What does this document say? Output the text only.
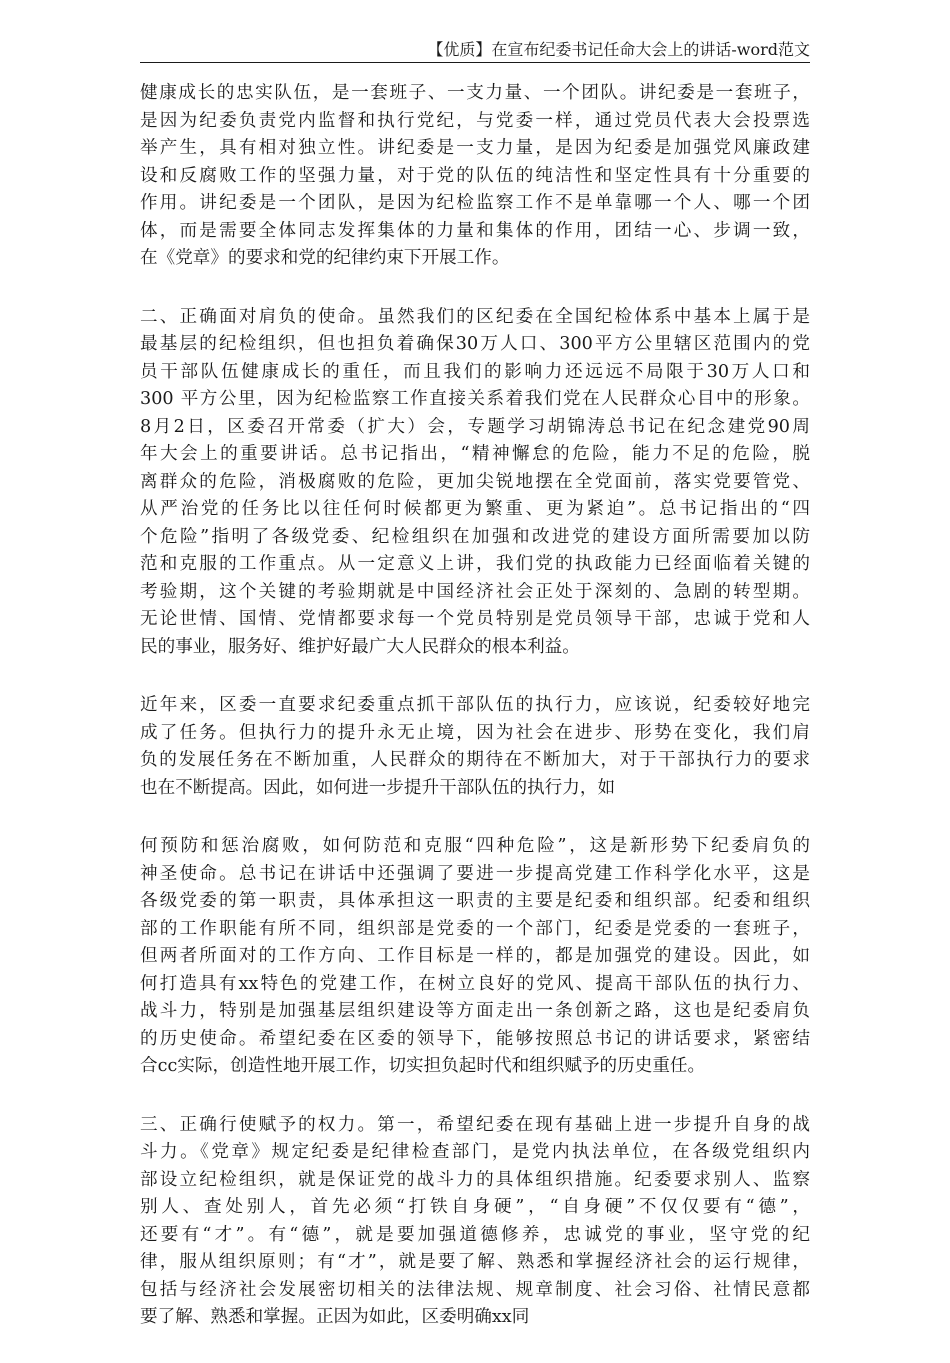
【优质】在宣布纪委书记任命大会上的讲话-word范文
健康成长的忠实队伍，是一套班子、一支力量、一个团队。讲纪委是一套班子，
是因为纪委负责党内监督和执行党纪，与党委一样，通过党员代表大会投票选
举产生，具有相对独立性。讲纪委是一支力量，是因为纪委是加强党风廉政建
设和反腐败工作的坚强力量，对于党的队伍的纯洁性和坚定性具有十分重要的
作用。讲纪委是一个团队，是因为纪检监察工作不是单靠哪一个人、哪一个团
体，而是需要全体同志发挥集体的力量和集体的作用，团结一心、步调一致，
在《党章》的要求和党的纪律约束下开展工作。
二、正确面对肩负的使命。虽然我们的区纪委在全国纪检体系中基本上属于是
最基层的纪检组织，但也担负着确保30万人口、300平方公里辖区范围内的党
员干部队伍健康成长的重任，而且我们的影响力还远远不局限于30万人口和
300 平方公里，因为纪检监察工作直接关系着我们党在人民群众心目中的形象。
8月2日，区委召开常委（扩大）会，专题学习胡锦涛总书记在纪念建党90周
年大会上的重要讲话。总书记指出，“精神懈怠的危险，能力不足的危险，脱
离群众的危险，消极腐败的危险，更加尖锐地摆在全党面前，落实党要管党、
从严治党的任务比以往任何时候都更为繁重、更为紧迫”。总书记指出的“四
个危险”指明了各级党委、纪检组织在加强和改进党的建设方面所需要加以防
范和克服的工作重点。从一定意义上讲，我们党的执政能力已经面临着关键的
考验期，这个关键的考验期就是中国经济社会正处于深刻的、急剧的转型期。
无论世情、国情、党情都要求每一个党员特别是党员领导干部，忠诚于党和人
民的事业，服务好、维护好最广大人民群众的根本利益。
近年来，区委一直要求纪委重点抓干部队伍的执行力，应该说，纪委较好地完
成了任务。但执行力的提升永无止境，因为社会在进步、形势在变化，我们肩
负的发展任务在不断加重，人民群众的期待在不断加大，对于干部执行力的要求
也在不断提高。因此，如何进一步提升干部队伍的执行力，如
何预防和惩治腐败，如何防范和克服“四种危险”，这是新形势下纪委肩负的
神圣使命。总书记在讲话中还强调了要进一步提高党建工作科学化水平，这是
各级党委的第一职责，具体承担这一职责的主要是纪委和组织部。纪委和组织
部的工作职能有所不同，组织部是党委的一个部门，纪委是党委的一套班子，
但两者所面对的工作方向、工作目标是一样的，都是加强党的建设。因此，如
何打造具有xx特色的党建工作，在树立良好的党风、提高干部队伍的执行力、
战斗力，特别是加强基层组织建设等方面走出一条创新之路，这也是纪委肩负
的历史使命。希望纪委在区委的领导下，能够按照总书记的讲话要求，紧密结
合cc实际，创造性地开展工作，切实担负起时代和组织赋予的历史重任。
三、正确行使赋予的权力。第一，希望纪委在现有基础上进一步提升自身的战
斗力。《党章》规定纪委是纪律检查部门，是党内执法单位，在各级党组织内
部设立纪检组织，就是保证党的战斗力的具体组织措施。纪委要求别人、监察
别人、查处别人，首先必须“打铁自身硬”，“自身硬”不仅仅要有“德”，
还要有“才”。有“德”，就是要加强道德修养，忠诚党的事业，坚守党的纪
律，服从组织原则；有“才”，就是要了解、熟悉和掌握经济社会的运行规律，
包括与经济社会发展密切相关的法律法规、规章制度、社会习俗、社情民意都
要了解、熟悉和掌握。正因为如此，区委明确xx同
